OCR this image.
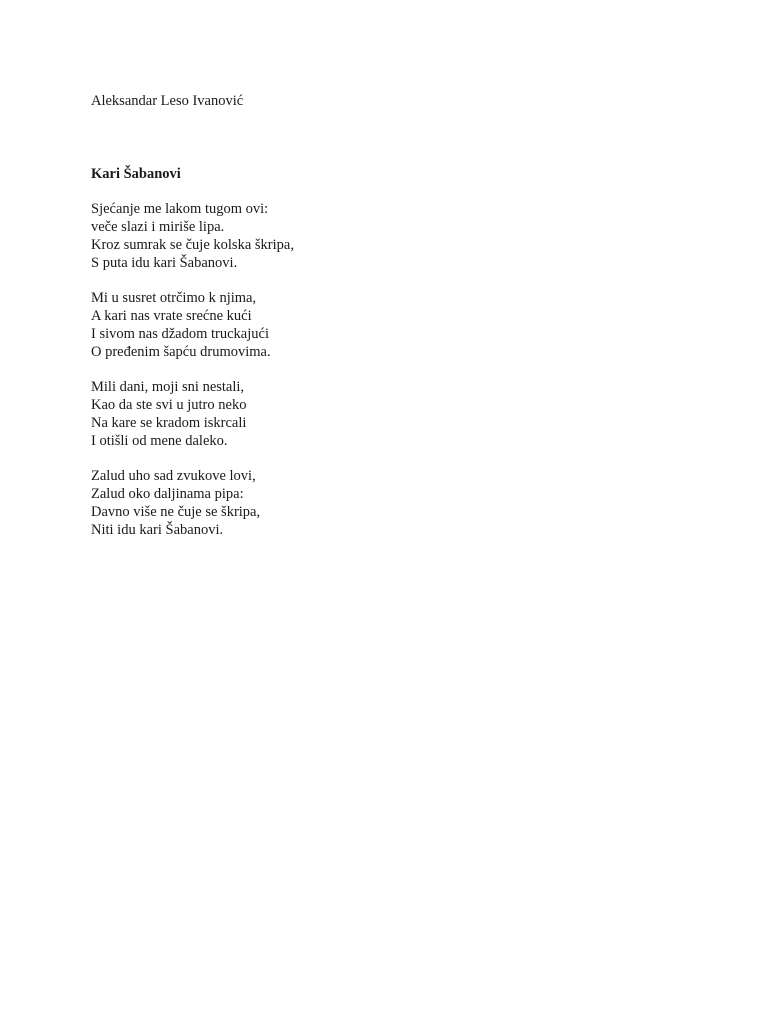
Aleksandar Leso Ivanović
Kari Šabanovi
Sjećanje me lakom tugom ovi:
veče slazi i miriše lipa.
Kroz sumrak se čuje kolska škripa,
S puta idu kari Šabanovi.
Mi u susret otrčimo k njima,
A kari nas vrate srećne kući
I sivom nas džadom truckajući
O pređenim šapću drumovima.
Mili dani, moji sni nestali,
Kao da ste svi u jutro neko
Na kare se kradom iskrcali
I otišli od mene daleko.
Zalud uho sad zvukove lovi,
Zalud oko daljinama pipa:
Davno više ne čuje se škripa,
Niti idu kari Šabanovi.
